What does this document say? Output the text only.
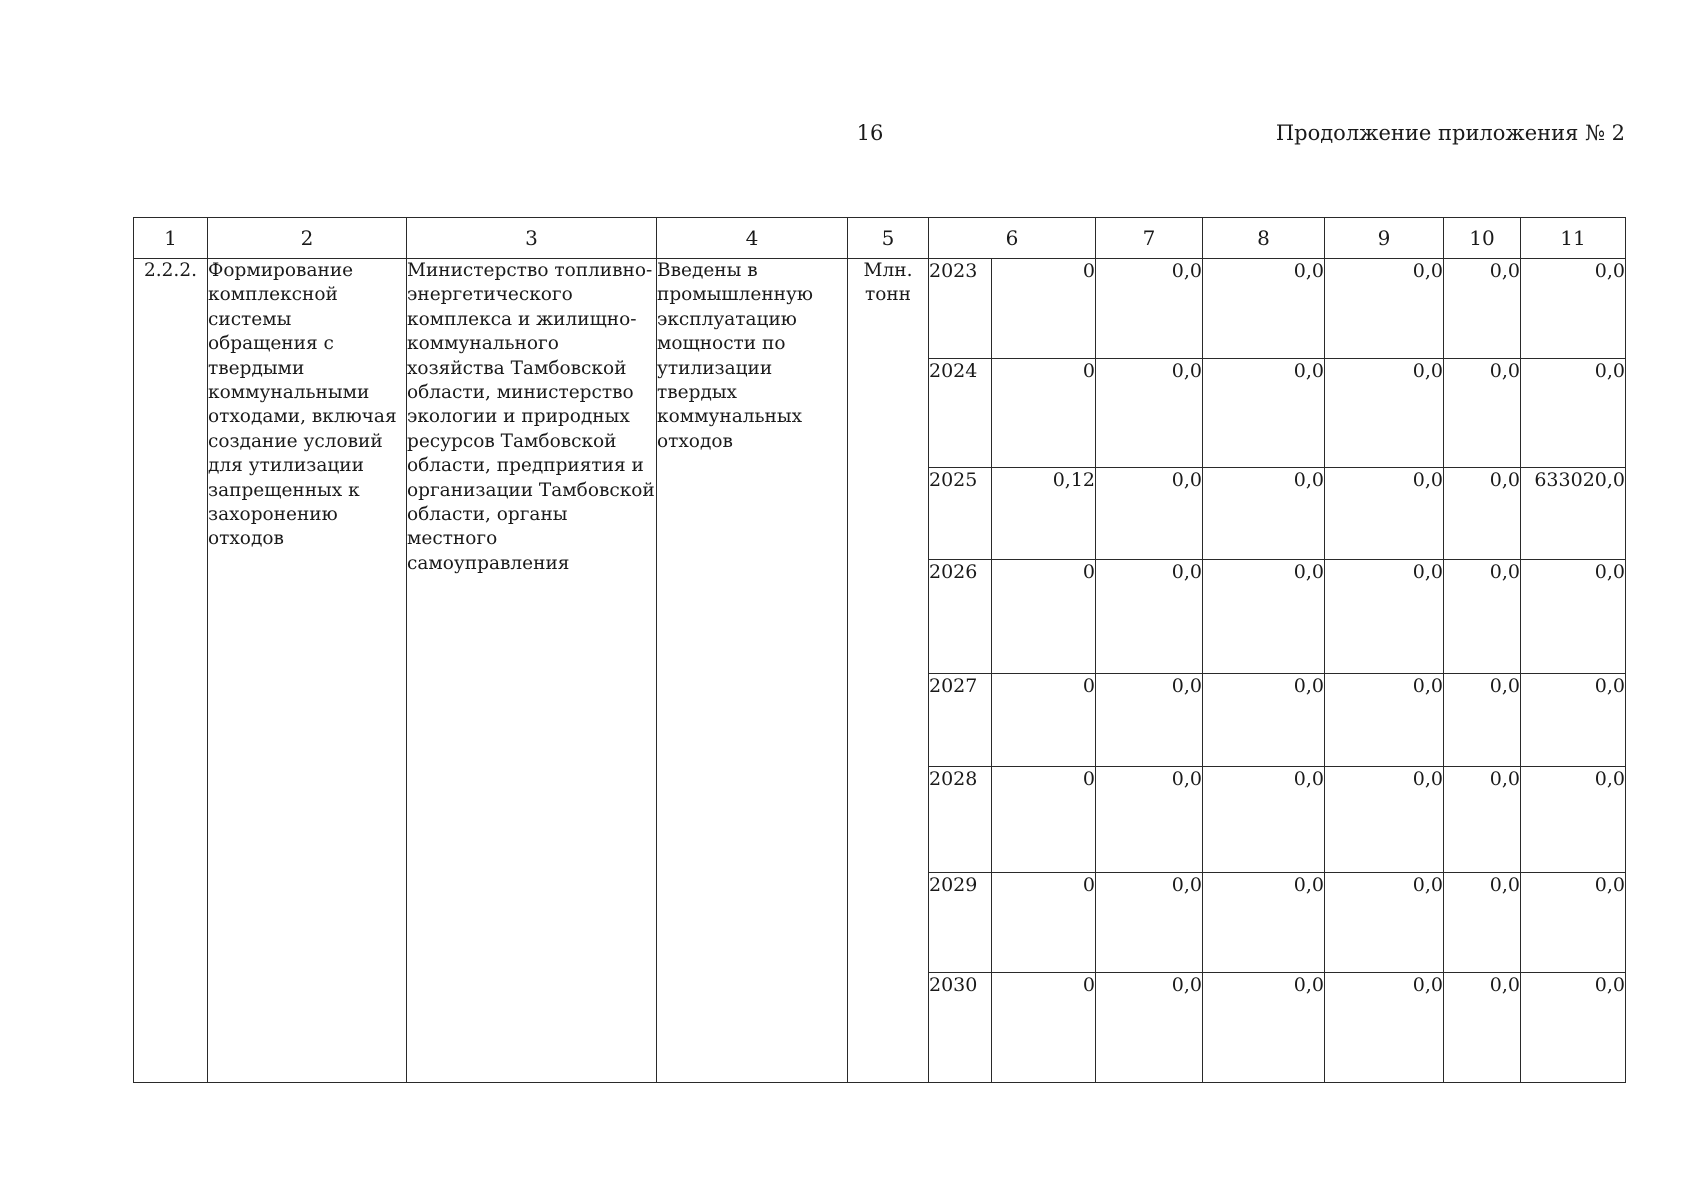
16	Продолжение приложения № 2
1	2	3	4	5	6		7	8	9	10	11
2.2.2.	Формирование комплексной системы обращения с твердыми коммунальными отходами, включая создание условий для утилизации запрещенных к захоронению отходов	Министерство топливно-энергетического комплекса и жилищно-коммунального хозяйства Тамбовской области, министерство экологии и природных ресурсов Тамбовской области, предприятия и организации Тамбовской области, органы местного самоуправления	Введены в промышленную эксплуатацию мощности по утилизации твердых коммунальных отходов	Млн. тонн	2023	0	0,0	0,0	0,0	0,0	0,0
					2024	0	0,0	0,0	0,0	0,0	0,0
					2025	0,12	0,0	0,0	0,0	0,0	633020,0
					2026	0	0,0	0,0	0,0	0,0	0,0
					2027	0	0,0	0,0	0,0	0,0	0,0
					2028	0	0,0	0,0	0,0	0,0	0,0
					2029	0	0,0	0,0	0,0	0,0	0,0
					2030	0	0,0	0,0	0,0	0,0	0,0
